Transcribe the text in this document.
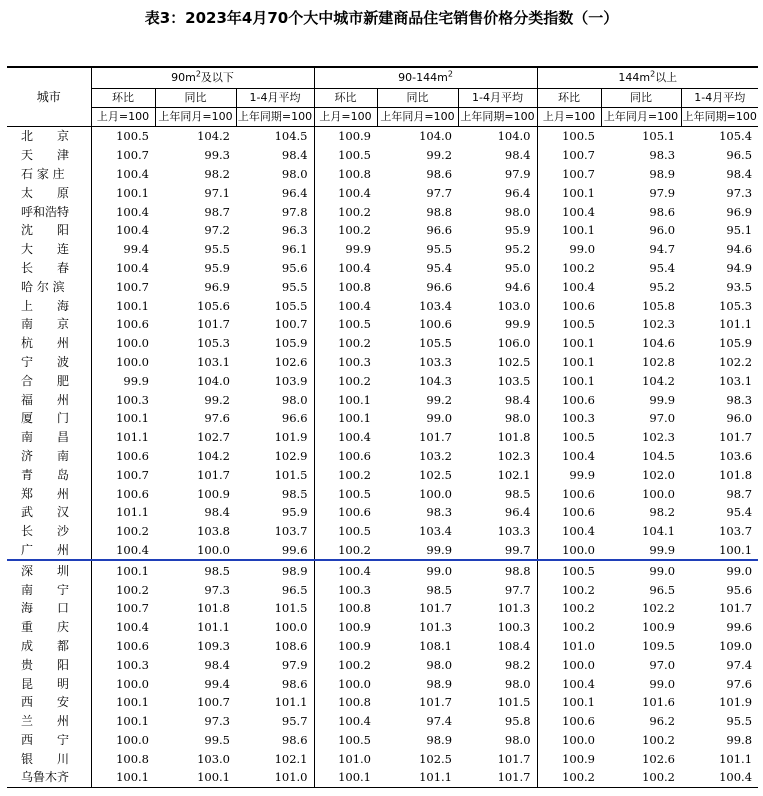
表3：2023年4月70个大中城市新建商品住宅销售价格分类指数（一）
城市	$90m^2$及以下			$90-144m^2$			$144m^2$以上		
	环比	同比	1-4月平均	环比	同比	1-4月平均	环比	同比	1-4月平均
	上月=100	上年同月=100	上年同期=100	上月=100	上年同月=100	上年同期=100	上月=100	上年同月=100	上年同期=100
北　　京	100.5	104.2	104.5	100.9	104.0	104.0	100.5	105.1	105.4
天　　津	100.7	99.3	98.4	100.5	99.2	98.4	100.7	98.3	96.5
石 家 庄	100.4	98.2	98.0	100.8	98.6	97.9	100.7	98.9	98.4
太　　原	100.1	97.1	96.4	100.4	97.7	96.4	100.1	97.9	97.3
呼和浩特	100.4	98.7	97.8	100.2	98.8	98.0	100.4	98.6	96.9
沈　　阳	100.4	97.2	96.3	100.2	96.6	95.9	100.1	96.0	95.1
大　　连	99.4	95.5	96.1	99.9	95.5	95.2	99.0	94.7	94.6
长　　春	100.4	95.9	95.6	100.4	95.4	95.0	100.2	95.4	94.9
哈 尔 滨	100.7	96.9	95.5	100.8	96.6	94.6	100.4	95.2	93.5
上　　海	100.1	105.6	105.5	100.4	103.4	103.0	100.6	105.8	105.3
南　　京	100.6	101.7	100.7	100.5	100.6	99.9	100.5	102.3	101.1
杭　　州	100.0	105.3	105.9	100.2	105.5	106.0	100.1	104.6	105.9
宁　　波	100.0	103.1	102.6	100.3	103.3	102.5	100.1	102.8	102.2
合　　肥	99.9	104.0	103.9	100.2	104.3	103.5	100.1	104.2	103.1
福　　州	100.3	99.2	98.0	100.1	99.2	98.4	100.6	99.9	98.3
厦　　门	100.1	97.6	96.6	100.1	99.0	98.0	100.3	97.0	96.0
南　　昌	101.1	102.7	101.9	100.4	101.7	101.8	100.5	102.3	101.7
济　　南	100.6	104.2	102.9	100.6	103.2	102.3	100.4	104.5	103.6
青　　岛	100.7	101.7	101.5	100.2	102.5	102.1	99.9	102.0	101.8
郑　　州	100.6	100.9	98.5	100.5	100.0	98.5	100.6	100.0	98.7
武　　汉	101.1	98.4	95.9	100.6	98.3	96.4	100.6	98.2	95.4
长　　沙	100.2	103.8	103.7	100.5	103.4	103.3	100.4	104.1	103.7
广　　州	100.4	100.0	99.6	100.2	99.9	99.7	100.0	99.9	100.1
深　　圳	100.1	98.5	98.9	100.4	99.0	98.8	100.5	99.0	99.0
南　　宁	100.2	97.3	96.5	100.3	98.5	97.7	100.2	96.5	95.6
海　　口	100.7	101.8	101.5	100.8	101.7	101.3	100.2	102.2	101.7
重　　庆	100.4	101.1	100.0	100.9	101.3	100.3	100.2	100.9	99.6
成　　都	100.6	109.3	108.6	100.9	108.1	108.4	101.0	109.5	109.0
贵　　阳	100.3	98.4	97.9	100.2	98.0	98.2	100.0	97.0	97.4
昆　　明	100.0	99.4	98.6	100.0	98.9	98.0	100.4	99.0	97.6
西　　安	100.1	100.7	101.1	100.8	101.7	101.5	100.1	101.6	101.9
兰　　州	100.1	97.3	95.7	100.4	97.4	95.8	100.6	96.2	95.5
西　　宁	100.0	99.5	98.6	100.5	98.9	98.0	100.0	100.2	99.8
银　　川	100.8	103.0	102.1	101.0	102.5	101.7	100.9	102.6	101.1
乌鲁木齐	100.1	100.1	101.0	100.1	101.1	101.7	100.2	100.2	100.4
